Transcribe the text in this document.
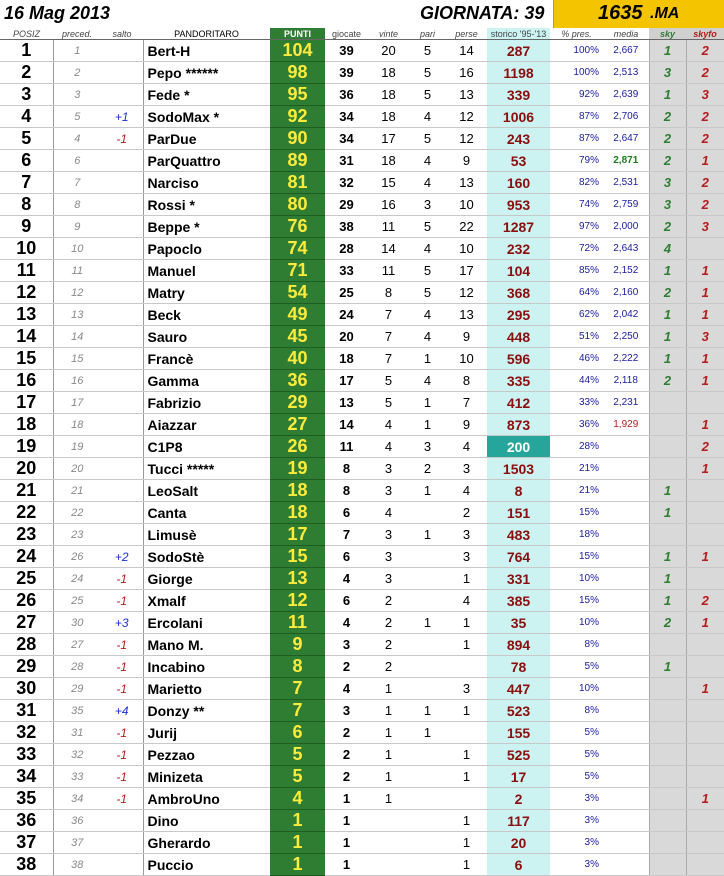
16 Mag 2013	GIORNATA: 39	1635 .MA
POSIZ	preced.	salto	PANDORITARO	PUNTI	giocate	vinte	pari	perse	storico '95-'13	% pres.	media	sky	skyfo
1	1		Bert-H	104	39	20	5	14	287	100%	2,667	1	2
2	2		Pepo ******	98	39	18	5	16	1198	100%	2,513	3	2
3	3		Fede *	95	36	18	5	13	339	92%	2,639	1	3
4	5	+1	SodoMax *	92	34	18	4	12	1006	87%	2,706	2	2
5	4	-1	ParDue	90	34	17	5	12	243	87%	2,647	2	2
6	6		ParQuattro	89	31	18	4	9	53	79%	2,871	2	1
7	7		Narciso	81	32	15	4	13	160	82%	2,531	3	2
8	8		Rossi *	80	29	16	3	10	953	74%	2,759	3	2
9	9		Beppe *	76	38	11	5	22	1287	97%	2,000	2	3
10	10		Papoclo	74	28	14	4	10	232	72%	2,643	4	
11	11		Manuel	71	33	11	5	17	104	85%	2,152	1	1
12	12		Matry	54	25	8	5	12	368	64%	2,160	2	1
13	13		Beck	49	24	7	4	13	295	62%	2,042	1	1
14	14		Sauro	45	20	7	4	9	448	51%	2,250	1	3
15	15		Francè	40	18	7	1	10	596	46%	2,222	1	1
16	16		Gamma	36	17	5	4	8	335	44%	2,118	2	1
17	17		Fabrizio	29	13	5	1	7	412	33%	2,231		
18	18		Aiazzar	27	14	4	1	9	873	36%	1,929		1
19	19		C1P8	26	11	4	3	4	200	28%			2
20	20		Tucci *****	19	8	3	2	3	1503	21%			1
21	21		LeoSalt	18	8	3	1	4	8	21%		1	
22	22		Canta	18	6	4		2	151	15%		1	
23	23		Limusè	17	7	3	1	3	483	18%			
24	26	+2	SodoStè	15	6	3		3	764	15%		1	1
25	24	-1	Giorge	13	4	3		1	331	10%		1	
26	25	-1	Xmalf	12	6	2		4	385	15%		1	2
27	30	+3	Ercolani	11	4	2	1	1	35	10%		2	1
28	27	-1	Mano M.	9	3	2		1	894	8%			
29	28	-1	Incabino	8	2	2			78	5%		1	
30	29	-1	Marietto	7	4	1		3	447	10%			1
31	35	+4	Donzy **	7	3	1	1	1	523	8%			
32	31	-1	Jurij	6	2	1	1		155	5%			
33	32	-1	Pezzao	5	2	1		1	525	5%			
34	33	-1	Minizeta	5	2	1		1	17	5%			
35	34	-1	AmbroUno	4	1	1			2	3%			1
36	36		Dino	1	1			1	117	3%			
37	37		Gherardo	1	1			1	20	3%			
38	38		Puccio	1	1			1	6	3%			
